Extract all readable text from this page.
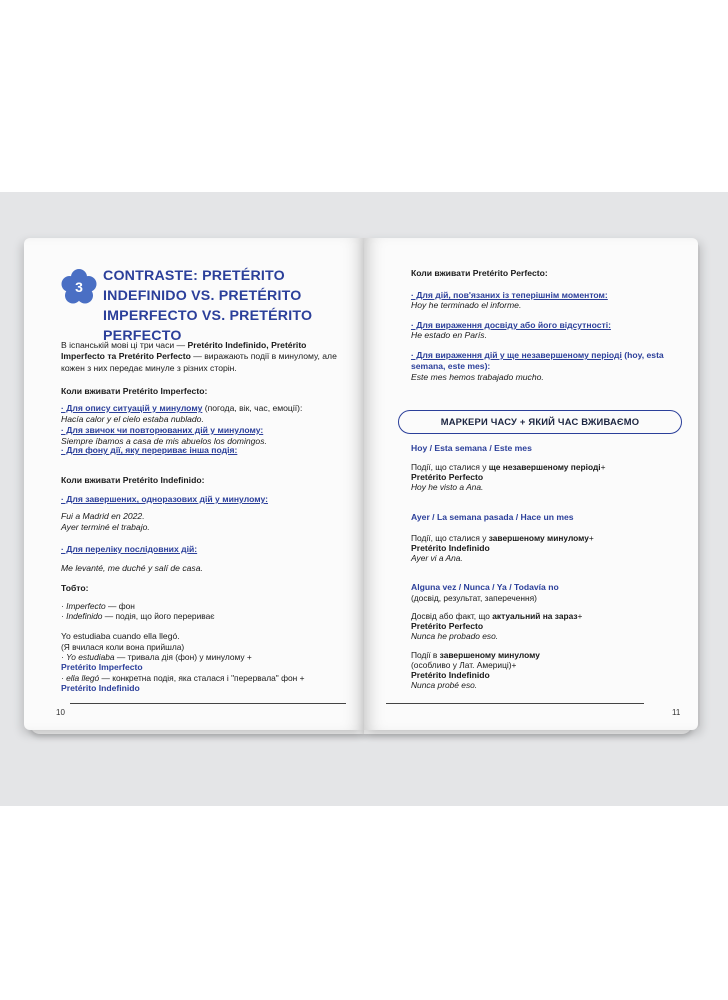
3
CONTRASTE: PRETÉRITO INDEFINIDO VS. PRETÉRITO IMPERFECTO VS. PRETÉRITO PERFECTO
В іспанській мові ці три часи — Pretérito Indefinido, Pretérito Imperfecto та Pretérito Perfecto — виражають події в минулому, але кожен з них передає минуле з різних сторін.
Коли вживати Pretérito Imperfecto:
· Для опису ситуацій у минулому (погода, вік, час, емоції):
Hacía calor y el cielo estaba nublado.
· Для звичок чи повторюваних дій у минулому:
Siempre íbamos a casa de mis abuelos los domingos.
· Для фону дії, яку перериває інша подія:
Коли вживати Pretérito Indefinido:
· Для завершених, одноразових дій у минулому:
Fui a Madrid en 2022.
Ayer terminé el trabajo.
· Для переліку послідовних дій:
Me levanté, me duché y salí de casa.
Тобто:
· Imperfecto — фон
· Indefinido — подія, що його перериває
Yo estudiaba cuando ella llegó.
(Я вчилася коли вона прийшла)
· Yo estudiaba — тривала дія (фон) у минулому +
Pretérito Imperfecto
· ella llegó — конкретна подія, яка сталася і "перервала" фон +
Pretérito Indefinido
10
Коли вживати Pretérito Perfecto:
· Для дій, пов'язаних із теперішнім моментом:
Hoy he terminado el informe.
· Для вираження досвіду або його відсутності:
He estado en París.
· Для вираження дій у ще незавершеному періоді (hoy, esta semana, este mes):
Este mes hemos trabajado mucho.
МАРКЕРИ ЧАСУ + ЯКИЙ ЧАС ВЖИВАЄМО
Hoy / Esta semana / Este mes
Події, що сталися у ще незавершеному періоді+
Pretérito Perfecto
Hoy he visto a Ana.
Ayer / La semana pasada / Hace un mes
Події, що сталися у завершеному минулому+
Pretérito Indefinido
Ayer vi a Ana.
Alguna vez / Nunca / Ya / Todavía no
(досвід, результат, заперечення)
Досвід або факт, що актуальний на зараз+
Pretérito Perfecto
Nunca he probado eso.
Події в завершеному минулому
(особливо у Лат. Америці)+
Pretérito Indefinido
Nunca probé eso.
11
